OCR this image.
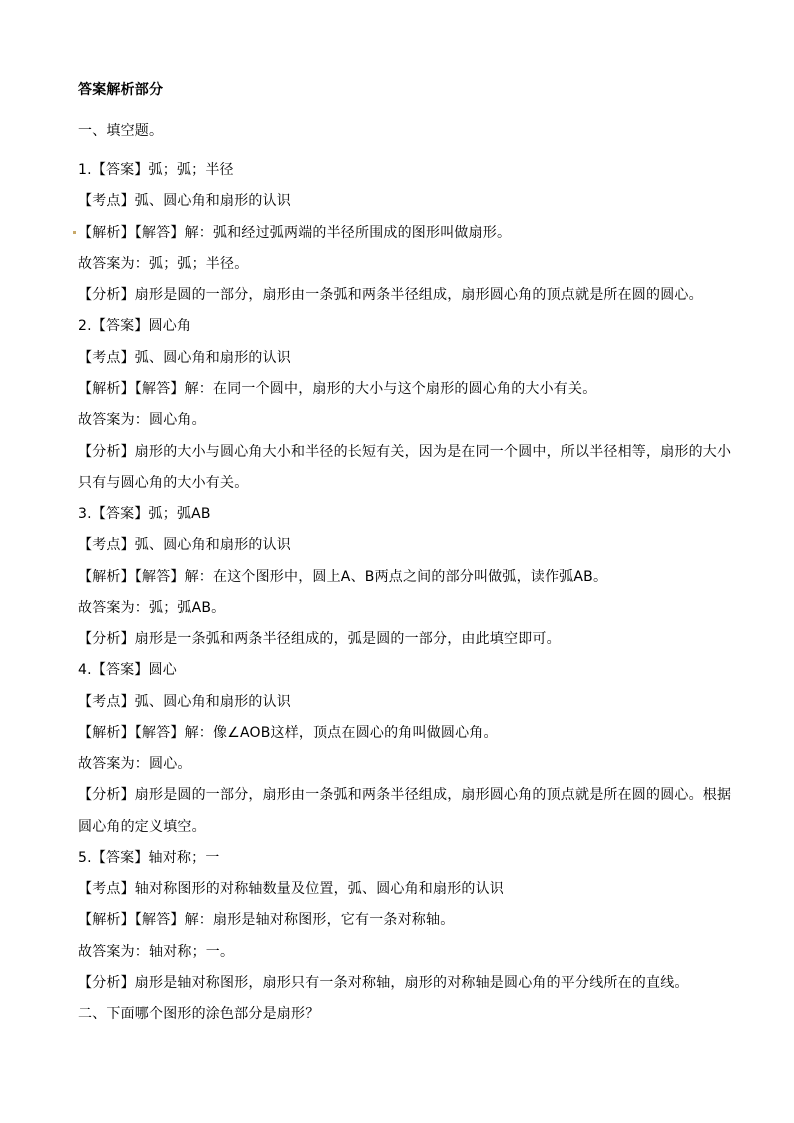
答案解析部分
一、填空题。
1.【答案】弧；弧；半径
【考点】弧、圆心角和扇形的认识
【解析】【解答】解：弧和经过弧两端的半径所围成的图形叫做扇形。
故答案为：弧；弧；半径。
【分析】扇形是圆的一部分，扇形由一条弧和两条半径组成，扇形圆心角的顶点就是所在圆的圆心。
2.【答案】圆心角
【考点】弧、圆心角和扇形的认识
【解析】【解答】解：在同一个圆中，扇形的大小与这个扇形的圆心角的大小有关。
故答案为：圆心角。
【分析】扇形的大小与圆心角大小和半径的长短有关，因为是在同一个圆中，所以半径相等，扇形的大小
只有与圆心角的大小有关。
3.【答案】弧；弧AB
【考点】弧、圆心角和扇形的认识
【解析】【解答】解：在这个图形中，圆上A、B两点之间的部分叫做弧，读作弧AB。
故答案为：弧；弧AB。
【分析】扇形是一条弧和两条半径组成的，弧是圆的一部分，由此填空即可。
4.【答案】圆心
【考点】弧、圆心角和扇形的认识
【解析】【解答】解：像∠AOB这样，顶点在圆心的角叫做圆心角。
故答案为：圆心。
【分析】扇形是圆的一部分，扇形由一条弧和两条半径组成，扇形圆心角的顶点就是所在圆的圆心。根据
圆心角的定义填空。
5.【答案】轴对称；一
【考点】轴对称图形的对称轴数量及位置，弧、圆心角和扇形的认识
【解析】【解答】解：扇形是轴对称图形，它有一条对称轴。
故答案为：轴对称；一。
【分析】扇形是轴对称图形，扇形只有一条对称轴，扇形的对称轴是圆心角的平分线所在的直线。
二、下面哪个图形的涂色部分是扇形？
